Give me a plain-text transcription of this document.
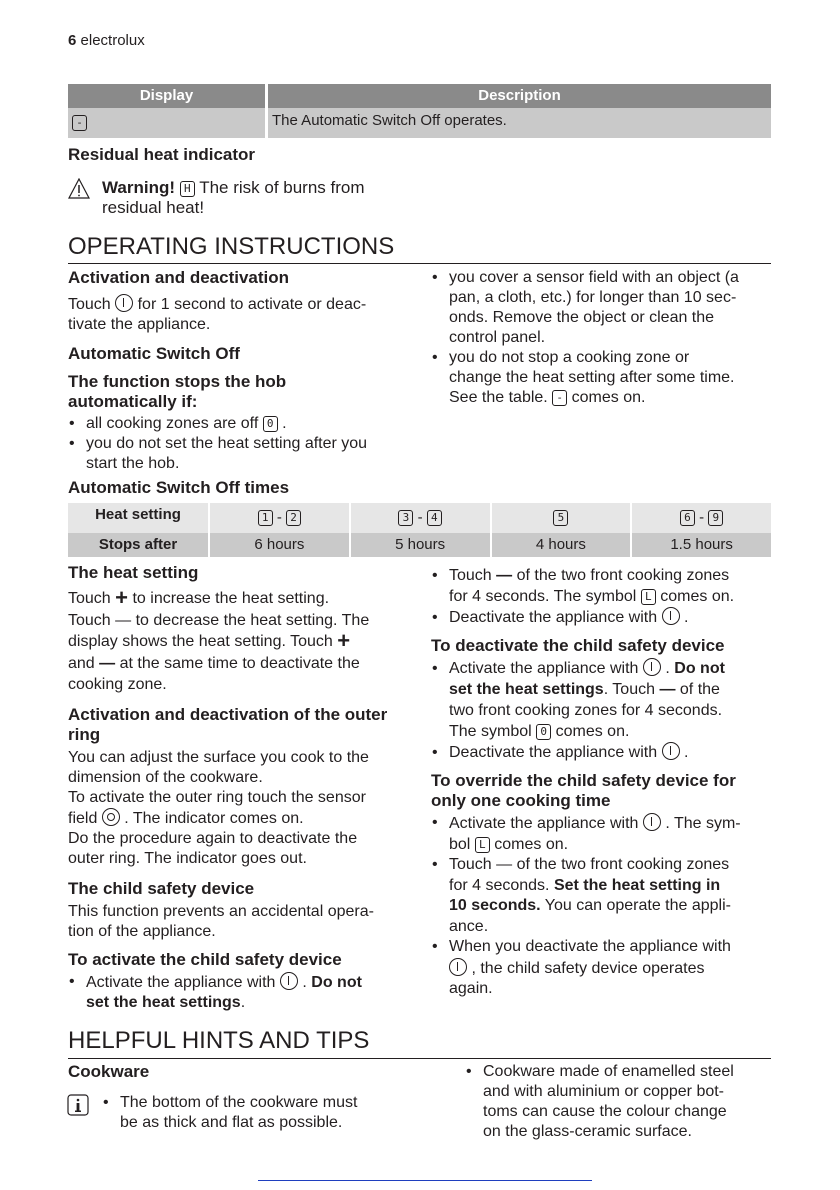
6 electrolux
Display	Description
-	The Automatic Switch Off operates.
Residual heat indicator
Warning! H The risk of burns from
residual heat!
OPERATING INSTRUCTIONS
Activation and deactivation

Touch for 1 second to activate or deac-
tivate the appliance.

Automatic Switch Off
The function stops the hob
automatically if:
• all cooking zones are off 0 .
• you do not set the heat setting after you
start the hob.
• you cover a sensor field with an object (a
pan, a cloth, etc.) for longer than 10 sec-
onds. Remove the object or clean the
control panel.
• you do not stop a cooking zone or
change the heat setting after some time.
See the table. - comes on.
Automatic Switch Off times
Heat setting	1 - 2	3 - 4	5	6 - 9
Stops after	6 hours	5 hours	4 hours	1.5 hours
The heat setting

Touch + to increase the heat setting.
Touch — to decrease the heat setting. The
display shows the heat setting. Touch +
and — at the same time to deactivate the
cooking zone.

Activation and deactivation of the outer
ring

You can adjust the surface you cook to the
dimension of the cookware.
To activate the outer ring touch the sensor
field . The indicator comes on.
Do the procedure again to deactivate the
outer ring. The indicator goes out.

The child safety device

This function prevents an accidental opera-
tion of the appliance.

To activate the child safety device
• Activate the appliance with . Do not
set the heat settings.
• Touch — of the two front cooking zones
for 4 seconds. The symbol L comes on.
• Deactivate the appliance with .
To deactivate the child safety device
• Activate the appliance with . Do not
set the heat settings. Touch — of the
two front cooking zones for 4 seconds.
The symbol 0 comes on.
• Deactivate the appliance with .
To override the child safety device for
only one cooking time
• Activate the appliance with . The sym-
bol L comes on.
• Touch — of the two front cooking zones
for 4 seconds. Set the heat setting in
10 seconds. You can operate the appli-
ance.
• When you deactivate the appliance with
, the child safety device operates
again.
HELPFUL HINTS AND TIPS
Cookware
• The bottom of the cookware must
be as thick and flat as possible.
• Cookware made of enamelled steel
and with aluminium or copper bot-
toms can cause the colour change
on the glass-ceramic surface.
